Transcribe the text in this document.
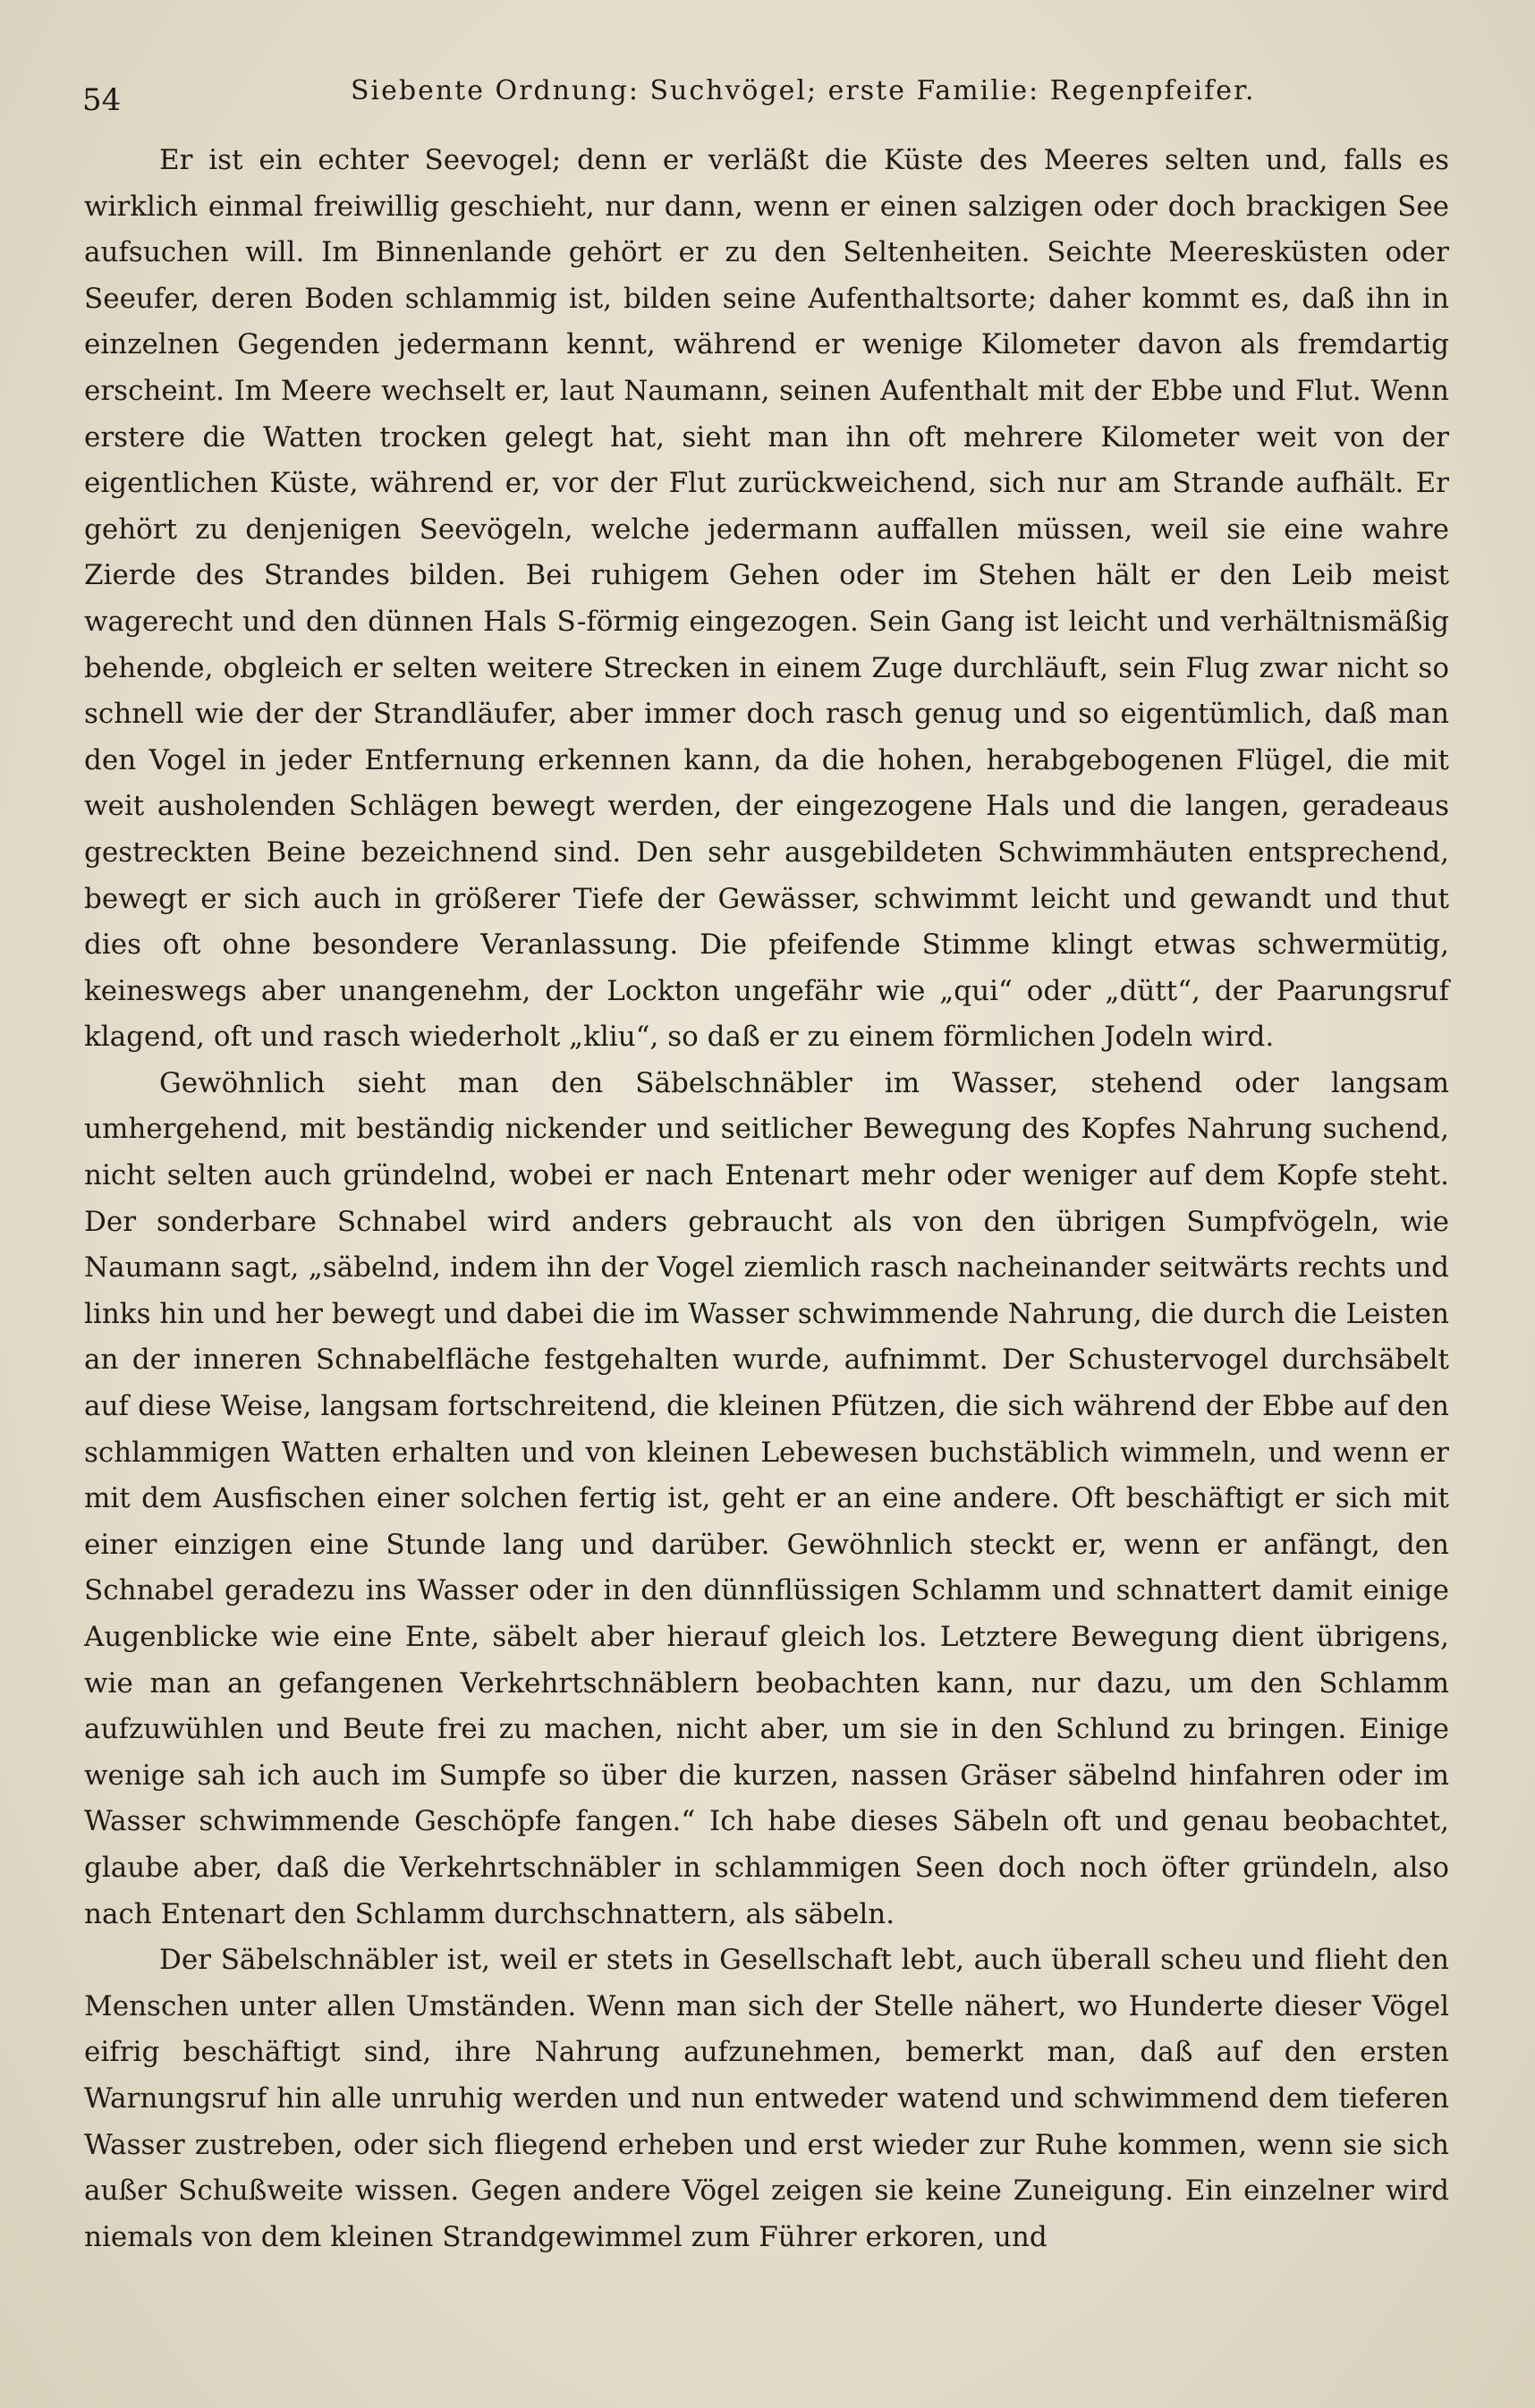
54	Siebente Ordnung: Suchvögel; erste Familie: Regenpfeifer.

Er ist ein echter Seevogel; denn er verläßt die Küste des Meeres selten und, falls es wirklich einmal freiwillig geschieht, nur dann, wenn er einen salzigen oder doch brackigen See aufsuchen will. Im Binnenlande gehört er zu den Seltenheiten. Seichte Meeresküsten oder Seeufer, deren Boden schlammig ist, bilden seine Aufenthaltsorte; daher kommt es, daß ihn in einzelnen Gegenden jedermann kennt, während er wenige Kilometer davon als fremdartig erscheint. Im Meere wechselt er, laut Naumann, seinen Aufenthalt mit der Ebbe und Flut. Wenn erstere die Watten trocken gelegt hat, sieht man ihn oft mehrere Kilometer weit von der eigentlichen Küste, während er, vor der Flut zurückweichend, sich nur am Strande aufhält. Er gehört zu denjenigen Seevögeln, welche jedermann auffallen müssen, weil sie eine wahre Zierde des Strandes bilden. Bei ruhigem Gehen oder im Stehen hält er den Leib meist wagerecht und den dünnen Hals S-förmig eingezogen. Sein Gang ist leicht und verhältnismäßig behende, obgleich er selten weitere Strecken in einem Zuge durchläuft, sein Flug zwar nicht so schnell wie der der Strandläufer, aber immer doch rasch genug und so eigentümlich, daß man den Vogel in jeder Entfernung erkennen kann, da die hohen, herabgebogenen Flügel, die mit weit ausholenden Schlägen bewegt werden, der eingezogene Hals und die langen, geradeaus gestreckten Beine bezeichnend sind. Den sehr ausgebildeten Schwimmhäuten entsprechend, bewegt er sich auch in größerer Tiefe der Gewässer, schwimmt leicht und gewandt und thut dies oft ohne besondere Veranlassung. Die pfeifende Stimme klingt etwas schwermütig, keineswegs aber unangenehm, der Lockton ungefähr wie „qui“ oder „dütt“, der Paarungsruf klagend, oft und rasch wiederholt „kliu“, so daß er zu einem förmlichen Jodeln wird.

Gewöhnlich sieht man den Säbelschnäbler im Wasser, stehend oder langsam umhergehend, mit beständig nickender und seitlicher Bewegung des Kopfes Nahrung suchend, nicht selten auch gründelnd, wobei er nach Entenart mehr oder weniger auf dem Kopfe steht. Der sonderbare Schnabel wird anders gebraucht als von den übrigen Sumpfvögeln, wie Naumann sagt, „säbelnd, indem ihn der Vogel ziemlich rasch nacheinander seitwärts rechts und links hin und her bewegt und dabei die im Wasser schwimmende Nahrung, die durch die Leisten an der inneren Schnabelfläche festgehalten wurde, aufnimmt. Der Schustervogel durchsäbelt auf diese Weise, langsam fortschreitend, die kleinen Pfützen, die sich während der Ebbe auf den schlammigen Watten erhalten und von kleinen Lebewesen buchstäblich wimmeln, und wenn er mit dem Ausfischen einer solchen fertig ist, geht er an eine andere. Oft beschäftigt er sich mit einer einzigen eine Stunde lang und darüber. Gewöhnlich steckt er, wenn er anfängt, den Schnabel geradezu ins Wasser oder in den dünnflüssigen Schlamm und schnattert damit einige Augenblicke wie eine Ente, säbelt aber hierauf gleich los. Letztere Bewegung dient übrigens, wie man an gefangenen Verkehrtschnäblern beobachten kann, nur dazu, um den Schlamm aufzuwühlen und Beute frei zu machen, nicht aber, um sie in den Schlund zu bringen. Einige wenige sah ich auch im Sumpfe so über die kurzen, nassen Gräser säbelnd hinfahren oder im Wasser schwimmende Geschöpfe fangen.“ Ich habe dieses Säbeln oft und genau beobachtet, glaube aber, daß die Verkehrtschnäbler in schlammigen Seen doch noch öfter gründeln, also nach Entenart den Schlamm durchschnattern, als säbeln.

Der Säbelschnäbler ist, weil er stets in Gesellschaft lebt, auch überall scheu und flieht den Menschen unter allen Umständen. Wenn man sich der Stelle nähert, wo Hunderte dieser Vögel eifrig beschäftigt sind, ihre Nahrung aufzunehmen, bemerkt man, daß auf den ersten Warnungsruf hin alle unruhig werden und nun entweder watend und schwimmend dem tieferen Wasser zustreben, oder sich fliegend erheben und erst wieder zur Ruhe kommen, wenn sie sich außer Schußweite wissen. Gegen andere Vögel zeigen sie keine Zuneigung. Ein einzelner wird niemals von dem kleinen Strandgewimmel zum Führer erkoren, und
